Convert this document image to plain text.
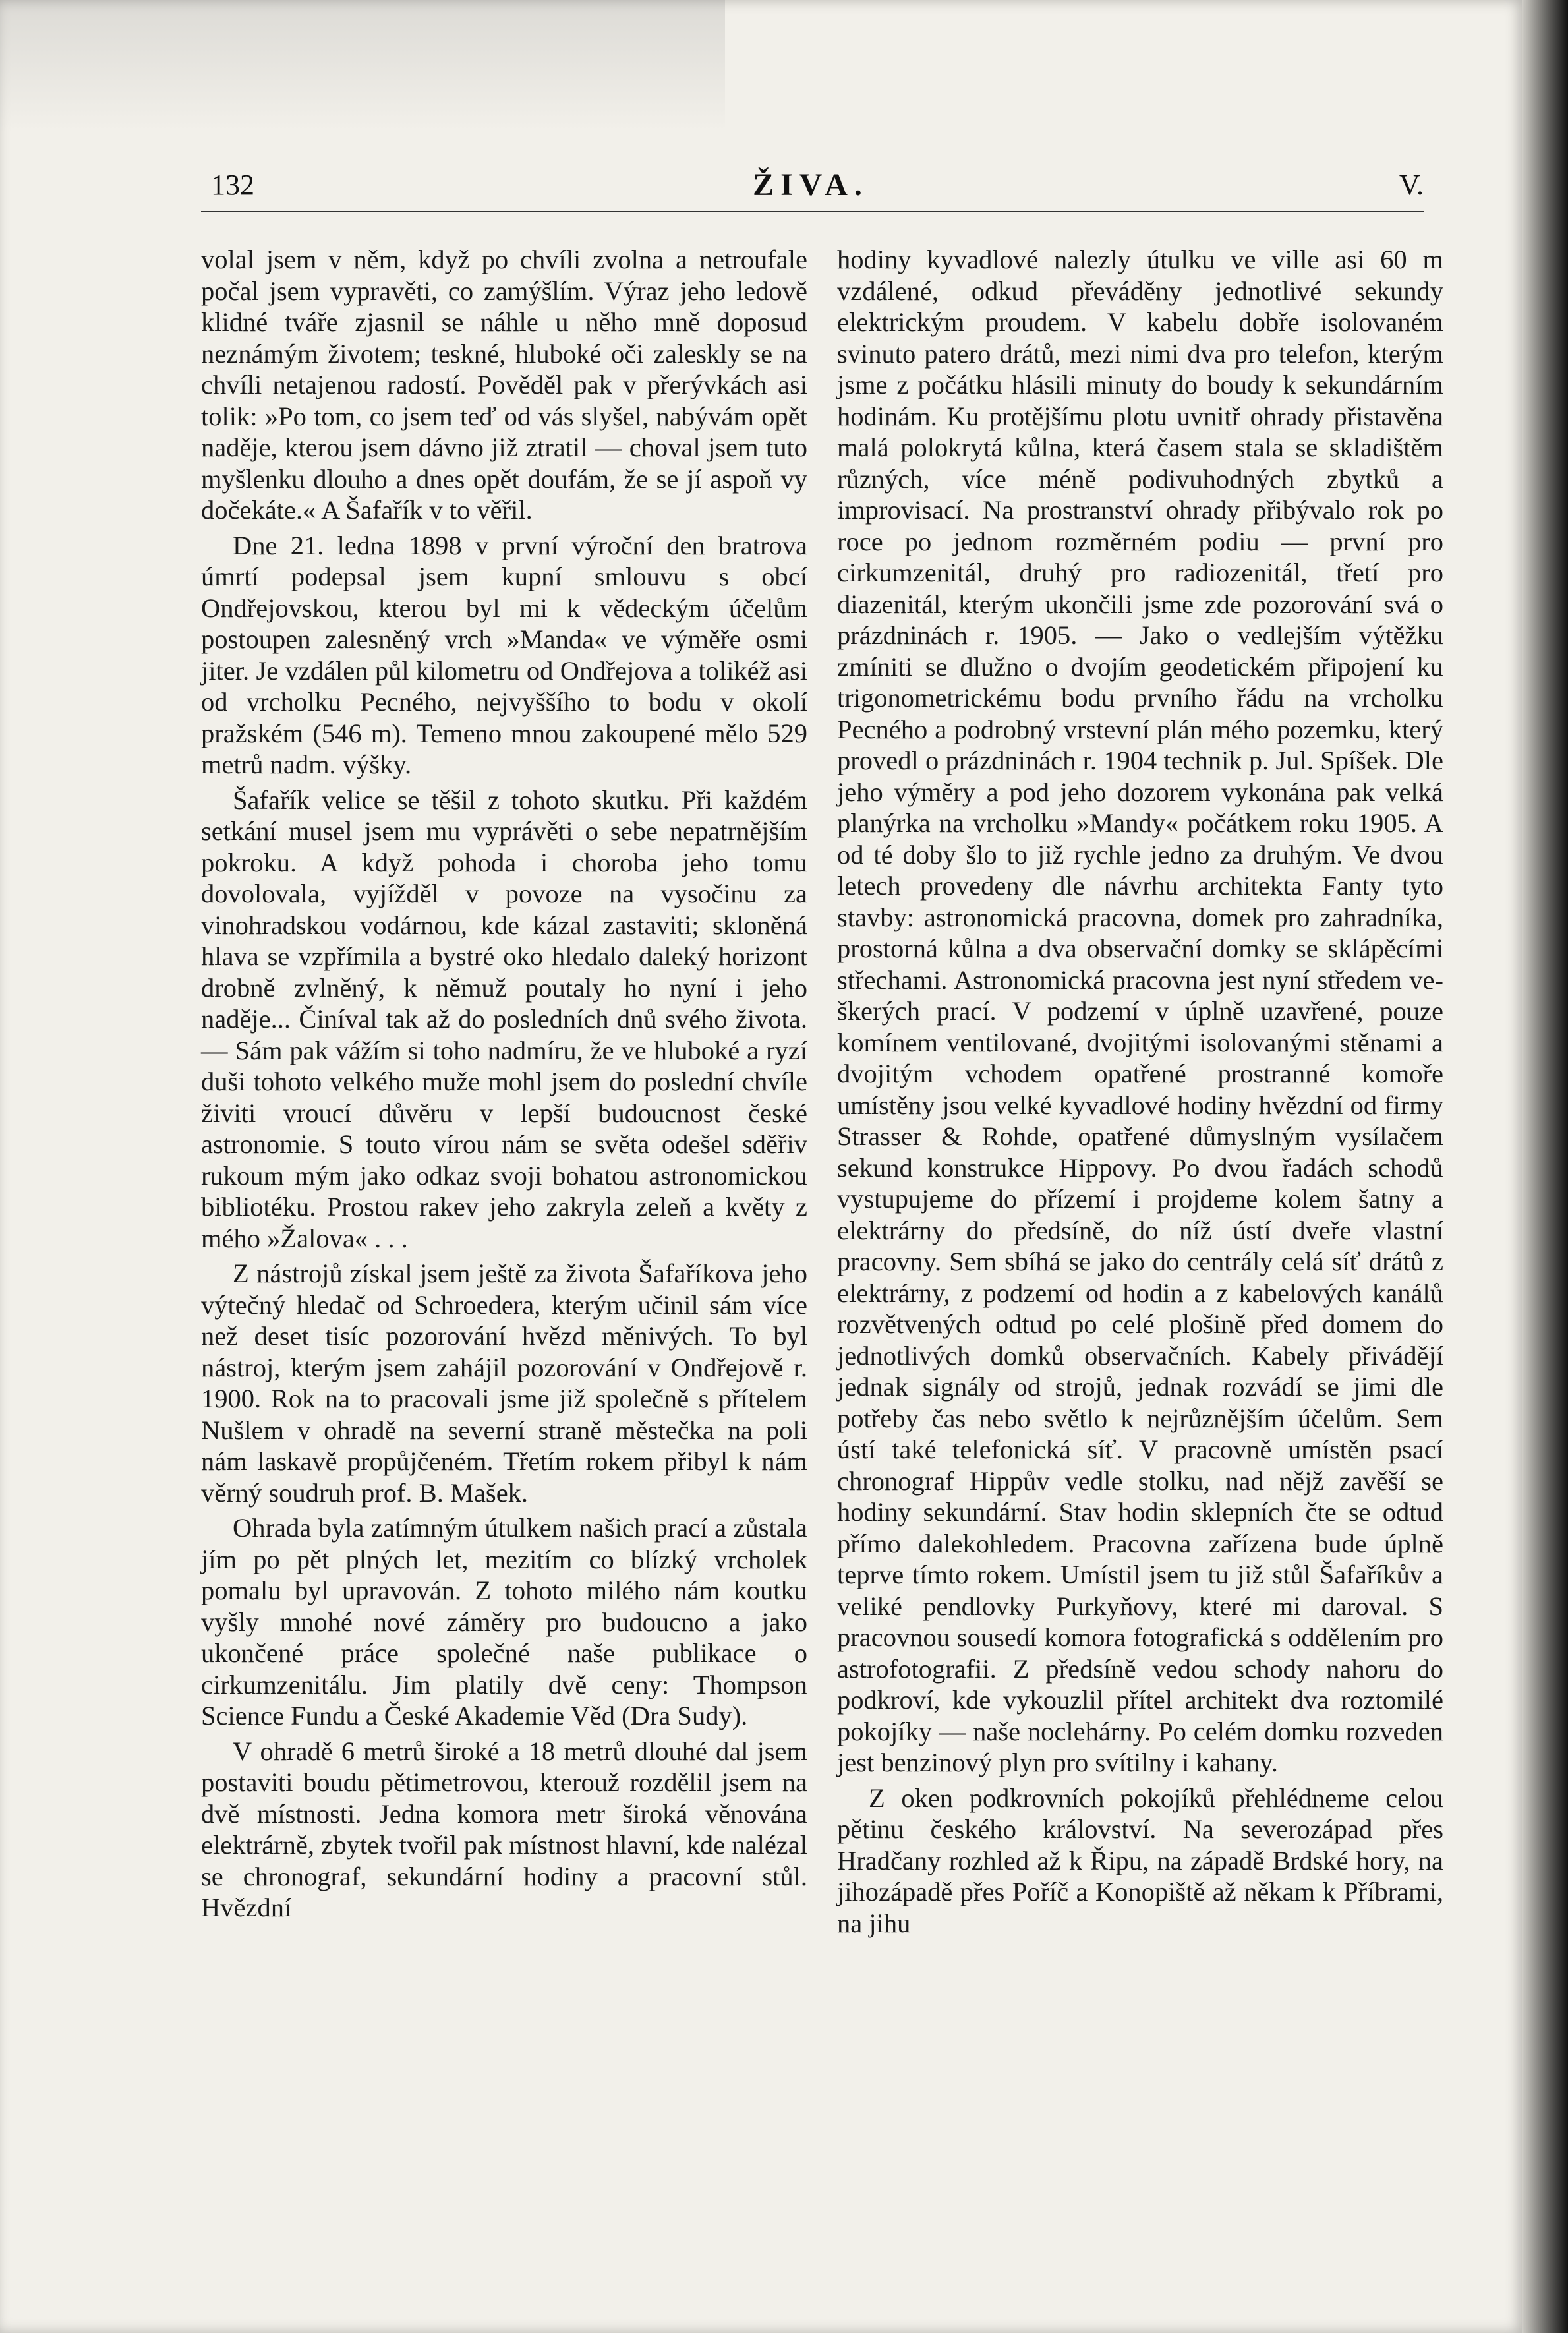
132	ŽIVA.	V.

volal jsem v něm, když po chvíli zvolna a netroufale počal jsem vypravěti, co zamýšlím. Výraz jeho ledově klidné tváře zjasnil se náhle u něho mně doposud neznámým životem; teskné, hluboké oči zaleskly se na chvíli netajenou radostí. Pověděl pak v přerývkách asi tolik: »Po tom, co jsem teď od vás slyšel, nabývám opět naděje, kterou jsem dávno již ztratil — choval jsem tuto myšlenku dlouho a dnes opět doufám, že se jí aspoň vy dočekáte.« A Šafařík v to věřil.

Dne 21. ledna 1898 v první výroční den bratrova úmrtí podepsal jsem kupní smlouvu s obcí Ondřejovskou, kterou byl mi k vědeckým účelům postoupen zalesněný vrch »Manda« ve výměře osmi jiter. Je vzdálen půl kilometru od Ondřejova a tolikéž asi od vrcholku Pecného, nejvyššího to bodu v okolí pražském (546 m). Temeno mnou zakoupené mělo 529 metrů nadm. výšky.

Šafařík velice se těšil z tohoto skutku. Při každém setkání musel jsem mu vyprávěti o sebe nepatrnějším pokroku. A když pohoda i choroba jeho tomu dovolovala, vyjížděl v povoze na vysočinu za vinohradskou vodárnou, kde kázal zastaviti; skloněná hlava se vzpřímila a bystré oko hledalo daleký horizont drobně zvlněný, k němuž poutaly ho nyní i jeho naděje... Činíval tak až do posledních dnů svého života. — Sám pak vážím si toho nadmíru, že ve hluboké a ryzí duši tohoto velkého muže mohl jsem do poslední chvíle živiti vroucí důvěru v lepší budoucnost české astronomie. S touto vírou nám se světa odešel sděřiv rukoum mým jako odkaz svoji bohatou astronomickou bibliotéku. Prostou rakev jeho zakryla zeleň a květy z mého »Žalova« . . .

Z nástrojů získal jsem ještě za života Šafaříkova jeho výtečný hledač od Schroedera, kterým učinil sám více než deset tisíc pozorování hvězd měnivých. To byl nástroj, kterým jsem zahájil pozorování v Ondřejově r. 1900. Rok na to pracovali jsme již společně s přítelem Nušlem v ohradě na severní straně městečka na poli nám laskavě propůjčeném. Třetím rokem přibyl k nám věrný soudruh prof. B. Mašek.

Ohrada byla zatímným útulkem našich prací a zůstala jím po pět plných let, mezitím co blízký vrcholek pomalu byl upravován. Z tohoto milého nám koutku vyšly mnohé nové záměry pro budoucno a jako ukončené práce společné naše publikace o cirkumzenitálu. Jim platily dvě ceny: Thompson Science Fundu a České Akademie Věd (Dra Sudy).

V ohradě 6 metrů široké a 18 metrů dlouhé dal jsem postaviti boudu pětimetrovou, kterouž rozdělil jsem na dvě místnosti. Jedna komora metr široká věnována elektrárně, zbytek tvořil pak místnost hlavní, kde nalézal se chronograf, sekundární hodiny a pracovní stůl. Hvězdní

hodiny kyvadlové nalezly útulku ve ville asi 60 m vzdálené, odkud převáděny jednotlivé sekundy elektrickým proudem. V kabelu dobře isolovaném svinuto patero drátů, mezi nimi dva pro telefon, kterým jsme z počátku hlásili minuty do boudy k sekundárním hodinám. Ku protějšímu plotu uvnitř ohrady přistavěna malá polokrytá kůlna, která časem stala se skladištěm různých, více méně podivuhodných zbytků a improvisací. Na prostranství ohrady přibývalo rok po roce po jednom rozměrném podiu — první pro cirkumzenitál, druhý pro radiozenitál, třetí pro diazenitál, kterým ukončili jsme zde pozorování svá o prázdninách r. 1905. — Jako o vedlejším výtěžku zmíniti se dlužno o dvojím geodetickém připojení ku trigonometrickému bodu prvního řádu na vrcholku Pecného a podrobný vrstevní plán mého pozemku, který provedl o prázdninách r. 1904 technik p. Jul. Spíšek. Dle jeho výměry a pod jeho dozorem vykonána pak velká planýrka na vrcholku »Mandy« počátkem roku 1905. A od té doby šlo to již rychle jedno za druhým. Ve dvou letech provedeny dle návrhu architekta Fanty tyto stavby: astronomická pracovna, domek pro zahradníka, prostorná kůlna a dva observační domky se sklápěcími střechami. Astronomická pracovna jest nyní středem veškerých prací. V podzemí v úplně uzavřené, pouze komínem ventilované, dvojitými isolovanými stěnami a dvojitým vchodem opatřené prostranné komoře umístěny jsou velké kyvadlové hodiny hvězdní od firmy Strasser & Rohde, opatřené důmyslným vysílačem sekund konstrukce Hippovy. Po dvou řadách schodů vystupujeme do přízemí i projdeme kolem šatny a elektrárny do předsíně, do níž ústí dveře vlastní pracovny. Sem sbíhá se jako do centrály celá síť drátů z elektrárny, z podzemí od hodin a z kabelových kanálů rozvětvených odtud po celé plošině před domem do jednotlivých domků observačních. Kabely přivádějí jednak signály od strojů, jednak rozvádí se jimi dle potřeby čas nebo světlo k nejrůznějším účelům. Sem ústí také telefonická síť. V pracovně umístěn psací chronograf Hippův vedle stolku, nad nějž zavěší se hodiny sekundární. Stav hodin sklepních čte se odtud přímo dalekohledem. Pracovna zařízena bude úplně teprve tímto rokem. Umístil jsem tu již stůl Šafaříkův a veliké pendlovky Purkyňovy, které mi daroval. S pracovnou sousedí komora fotografická s oddělením pro astrofotografii. Z předsíně vedou schody nahoru do podkroví, kde vykouzlil přítel architekt dva roztomilé pokojíky — naše noclehárny. Po celém domku rozveden jest benzinový plyn pro svítilny i kahany.

Z oken podkrovních pokojíků přehlédneme celou pětinu českého království. Na severozápad přes Hradčany rozhled až k Řipu, na západě Brdské hory, na jihozápadě přes Poříč a Konopiště až někam k Příbrami, na jihu
